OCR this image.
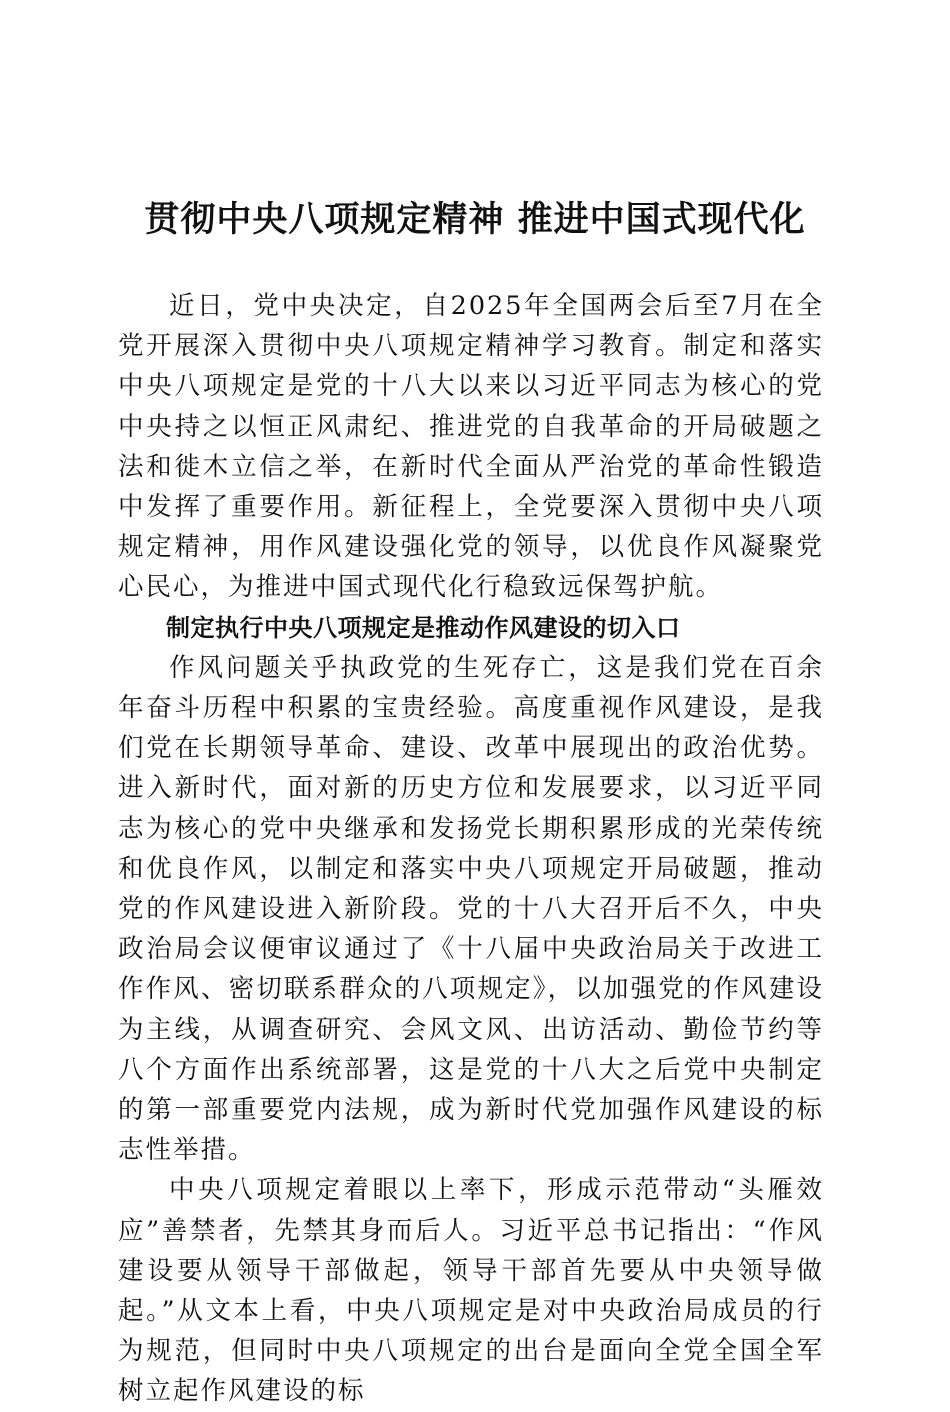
贯彻中央八项规定精神 推进中国式现代化

近日，党中央决定，自2025年全国两会后至7月在全党开展深入贯彻中央八项规定精神学习教育。制定和落实中央八项规定是党的十八大以来以习近平同志为核心的党中央持之以恒正风肃纪、推进党的自我革命的开局破题之法和徙木立信之举，在新时代全面从严治党的革命性锻造中发挥了重要作用。新征程上，全党要深入贯彻中央八项规定精神，用作风建设强化党的领导，以优良作风凝聚党心民心，为推进中国式现代化行稳致远保驾护航。

制定执行中央八项规定是推动作风建设的切入口

作风问题关乎执政党的生死存亡，这是我们党在百余年奋斗历程中积累的宝贵经验。高度重视作风建设，是我们党在长期领导革命、建设、改革中展现出的政治优势。进入新时代，面对新的历史方位和发展要求，以习近平同志为核心的党中央继承和发扬党长期积累形成的光荣传统和优良作风，以制定和落实中央八项规定开局破题，推动党的作风建设进入新阶段。党的十八大召开后不久，中央政治局会议便审议通过了《十八届中央政治局关于改进工作作风、密切联系群众的八项规定》，以加强党的作风建设为主线，从调查研究、会风文风、出访活动、勤俭节约等八个方面作出系统部署，这是党的十八大之后党中央制定的第一部重要党内法规，成为新时代党加强作风建设的标志性举措。

中央八项规定着眼以上率下，形成示范带动“头雁效应”善禁者，先禁其身而后人。习近平总书记指出：“作风建设要从领导干部做起，领导干部首先要从中央领导做起。”从文本上看，中央八项规定是对中央政治局成员的行为规范，但同时中央八项规定的出台是面向全党全国全军树立起作风建设的标
